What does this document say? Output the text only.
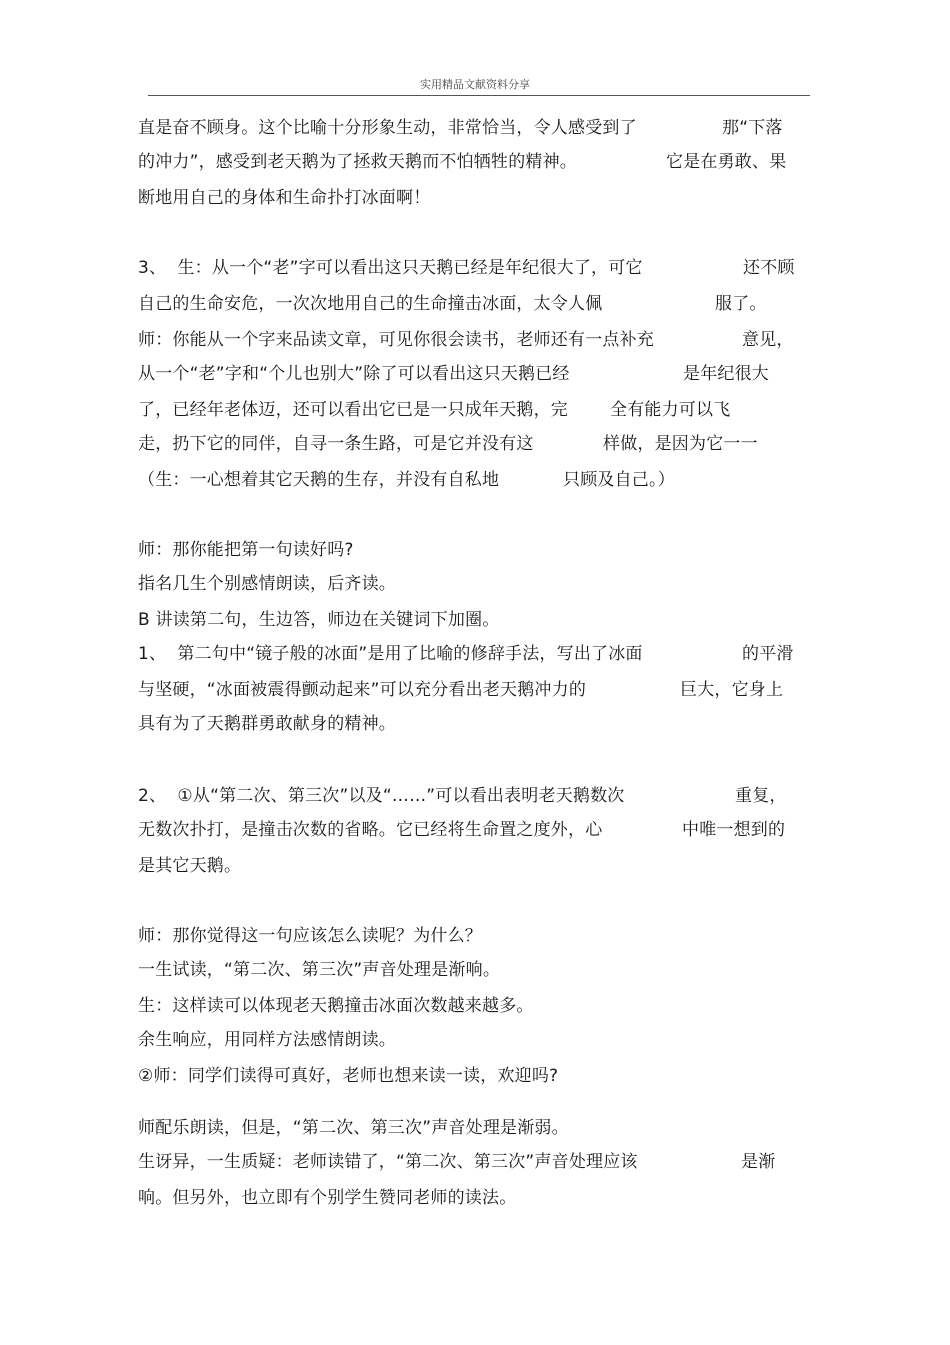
实用精品文献资料分享
直是奋不顾身。这个比喻十分形象生动，非常恰当，令人感受到了	那“下落
的冲力”，感受到老天鹅为了拯救天鹅而不怕牺牲的精神。	它是在勇敢、果
断地用自己的身体和生命扑打冰面啊！
3、  生：从一个“老”字可以看出这只天鹅已经是年纪很大了，可它	还不顾
自己的生命安危，一次次地用自己的生命撞击冰面，太令人佩	服了。
师：你能从一个字来品读文章，可见你很会读书，老师还有一点补充	意见，
从一个“老”字和“个儿也别大”除了可以看出这只天鹅已经	是年纪很大
了，已经年老体迈，还可以看出它已是一只成年天鹅，完 全有能力可以飞
走，扔下它的同伴，自寻一条生路，可是它并没有这	样做，是因为它一一
（生：一心想着其它天鹅的生存，并没有自私地	只顾及自己。）
师：那你能把第一句读好吗?
指名几生个别感情朗读，后齐读。
B 讲读第二句，生边答，师边在关键词下加圈。
1、  第二句中“镜子般的冰面”是用了比喻的修辞手法，写出了冰面	的平滑
与坚硬，“冰面被震得颤动起来”可以充分看出老天鹅冲力的	巨大，它身上
具有为了天鹅群勇敢献身的精神。
2、  ①从“第二次、第三次”以及“……”可以看出表明老天鹅数次	重复，
无数次扑打，是撞击次数的省略。它已经将生命置之度外，心	中唯一想到的
是其它天鹅。
师：那你觉得这一句应该怎么读呢？为什么？
一生试读，“第二次、第三次”声音处理是渐响。
生：这样读可以体现老天鹅撞击冰面次数越来越多。
余生响应，用同样方法感情朗读。
②师：同学们读得可真好，老师也想来读一读，欢迎吗?
师配乐朗读，但是，“第二次、第三次”声音处理是渐弱。
生讶异，一生质疑：老师读错了，“第二次、第三次”声音处理应该	是渐
响。但另外，也立即有个别学生赞同老师的读法。
